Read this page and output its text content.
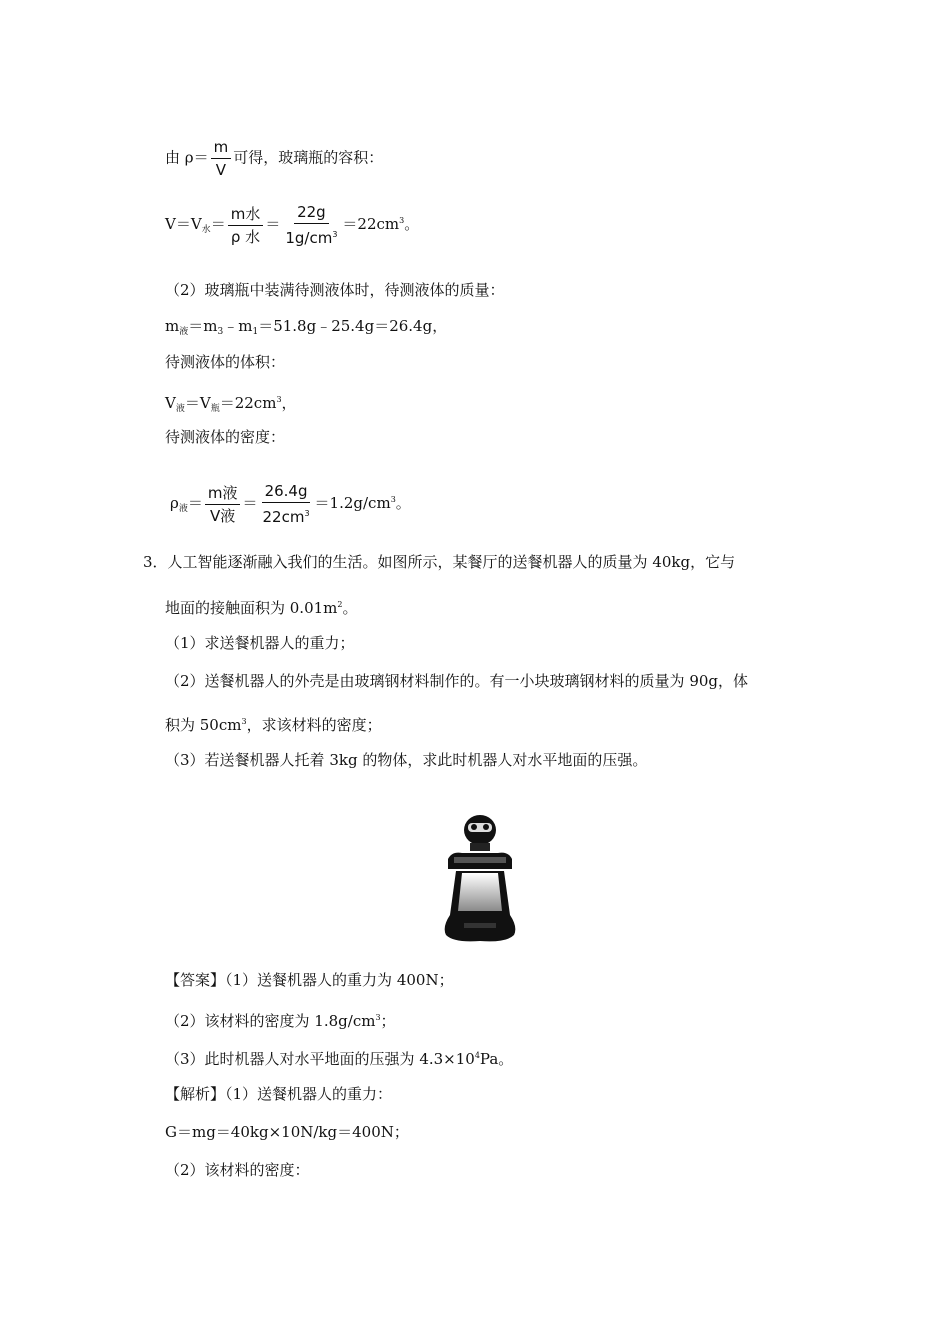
由 $\rho= \frac{m}{V}$ 可得，玻璃瓶的容积：
$V=V_水= \frac{\text{m水}}{\text{ρ 水}} = \frac{22g}{1g/cm^3} =22cm^3$。
（2）玻璃瓶中装满待测液体时，待测液体的质量：
$m_液=m_3﹣m_1=51.8g﹣25.4g=26.4g$，
待测液体的体积：
$V_液=V_瓶=22cm^3$，
待测液体的密度：
$\rho_液= \frac{\text{m液}}{\text{V液}} = \frac{26.4g}{22cm^3} =1.2g/cm^3$。
3．人工智能逐渐融入我们的生活。如图所示，某餐厅的送餐机器人的质量为 40kg，它与
地面的接触面积为 $0.01m^2$。
（1）求送餐机器人的重力；
（2）送餐机器人的外壳是由玻璃钢材料制作的。有一小块玻璃钢材料的质量为 90g，体
积为 $50cm^3$，求该材料的密度；
（3）若送餐机器人托着 3kg 的物体，求此时机器人对水平地面的压强。
【答案】（1）送餐机器人的重力为 400N；
（2）该材料的密度为 $1.8g/cm^3$；
（3）此时机器人对水平地面的压强为 $4.3\times 10^4Pa$。
【解析】（1）送餐机器人的重力：
G＝mg＝40kg×10N/kg＝400N；
（2）该材料的密度：
